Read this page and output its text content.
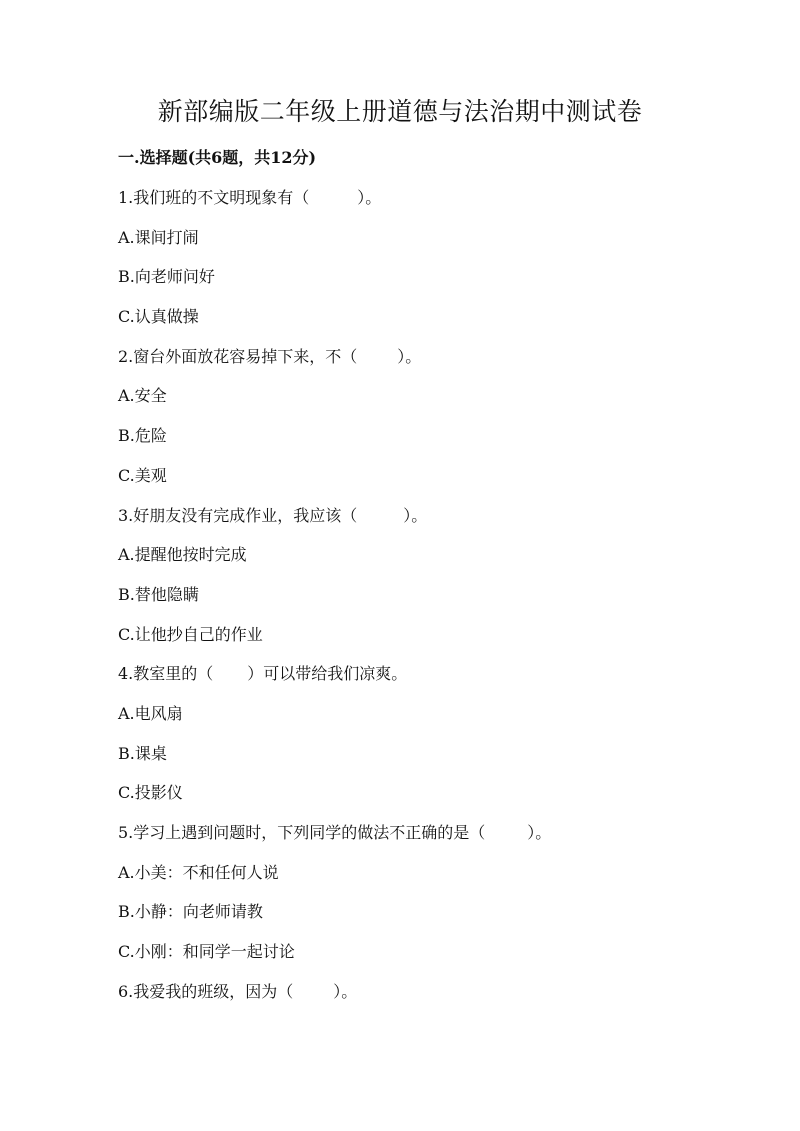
新部编版二年级上册道德与法治期中测试卷
一.选择题(共6题，共12分)
1.我们班的不文明现象有（	）。
A.课间打闹
B.向老师问好
C.认真做操
2.窗台外面放花容易掉下来，不（	）。
A.安全
B.危险
C.美观
3.好朋友没有完成作业，我应该（	）。
A.提醒他按时完成
B.替他隐瞒
C.让他抄自己的作业
4.教室里的（ ）可以带给我们凉爽。
A.电风扇
B.课桌
C.投影仪
5.学习上遇到问题时，下列同学的做法不正确的是（	）。
A.小美：不和任何人说
B.小静：向老师请教
C.小刚：和同学一起讨论
6.我爱我的班级，因为（	）。
